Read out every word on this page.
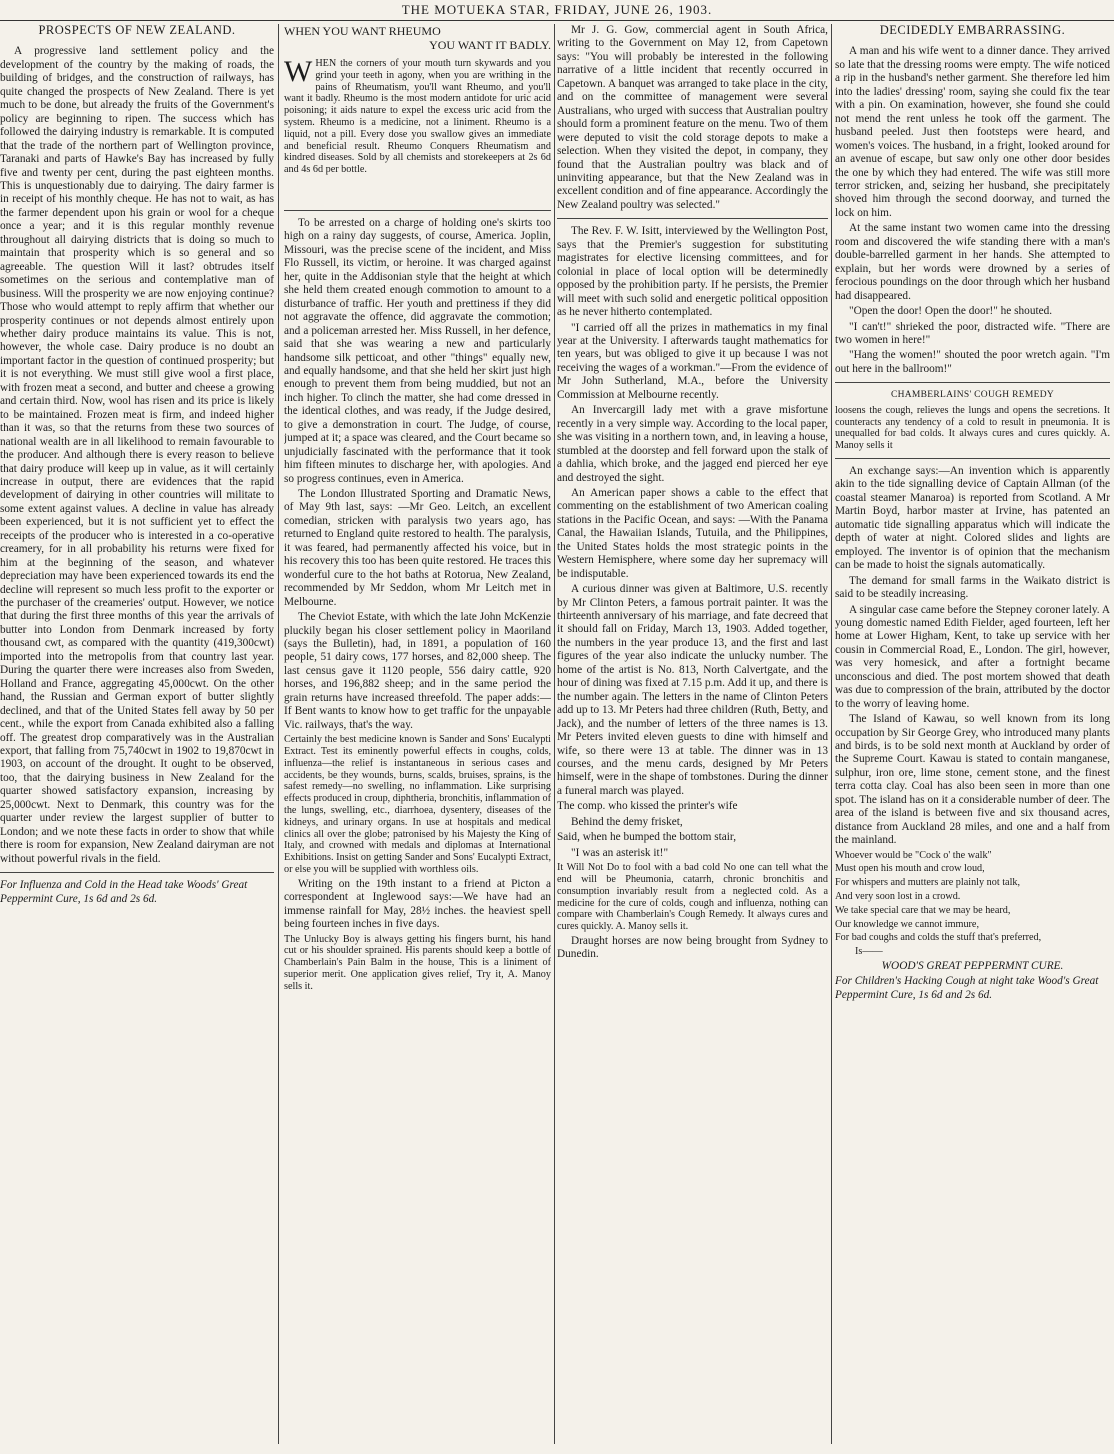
THE MOTUEKA STAR, FRIDAY, JUNE 26, 1903.
PROSPECTS OF NEW ZEALAND.

A progressive land settlement policy and the development of the country by the making of roads, the building of bridges, and the construction of railways, has quite changed the prospects of New Zealand. There is yet much to be done, but already the fruits of the Government's policy are beginning to ripen. The success which has followed the dairying industry is remarkable. It is computed that the trade of the northern part of Wellington province, Taranaki and parts of Hawke's Bay has increased by fully five and twenty per cent, during the past eighteen months. This is unquestionably due to dairying. The dairy farmer is in receipt of his monthly cheque. He has not to wait, as has the farmer dependent upon his grain or wool for a cheque once a year; and it is this regular monthly revenue throughout all dairying districts that is doing so much to maintain that prosperity which is so general and so agreeable. The question Will it last? obtrudes itself sometimes on the serious and contemplative man of business. Will the prosperity we are now enjoying continue? Those who would attempt to reply affirm that whether our prosperity continues or not depends almost entirely upon whether dairy produce maintains its value. This is not, however, the whole case. Dairy produce is no doubt an important factor in the question of continued prosperity; but it is not everything. We must still give wool a first place, with frozen meat a second, and butter and cheese a growing and certain third. Now, wool has risen and its price is likely to be maintained. Frozen meat is firm, and indeed higher than it was, so that the returns from these two sources of national wealth are in all likelihood to remain favourable to the producer. And although there is every reason to believe that dairy produce will keep up in value, as it will certainly increase in output, there are evidences that the rapid development of dairying in other countries will militate to some extent against values. A decline in value has already been experienced, but it is not sufficient yet to effect the receipts of the producer who is interested in a co-operative creamery, for in all probability his returns were fixed for him at the beginning of the season, and whatever depreciation may have been experienced towards its end the decline will represent so much less profit to the exporter or the purchaser of the creameries' output. However, we notice that during the first three months of this year the arrivals of butter into London from Denmark increased by forty thousand cwt, as compared with the quantity (419,300cwt) imported into the metropolis from that country last year. During the quarter there were increases also from Sweden, Holland and France, aggregating 45,000cwt. On the other hand, the Russian and German export of butter slightly declined, and that of the United States fell away by 50 per cent., while the export from Canada exhibited also a falling off. The greatest drop comparatively was in the Australian export, that falling from 75,740cwt in 1902 to 19,870cwt in 1903, on account of the drought. It ought to be observed, too, that the dairying business in New Zealand for the quarter showed satisfactory expansion, increasing by 25,000cwt. Next to Denmark, this country was for the quarter under review the largest supplier of butter to London; and we note these facts in order to show that while there is room for expansion, New Zealand dairyman are not without powerful rivals in the field.

For Influenza and Cold in the Head take Woods' Great Peppermint Cure, 1s 6d and 2s 6d.

WHEN YOU WANT RHEUMO
YOU WANT IT BADLY.

WHEN the corners of your mouth turn skywards and you grind your teeth in agony, when you are writhing in the pains of Rheumatism, you'll want Rheumo, and you'll want it badly. Rheumo is the most modern antidote for uric acid poisoning; it aids nature to expel the excess uric acid from the system. Rheumo is a medicine, not a liniment. Rheumo is a liquid, not a pill. Every dose you swallow gives an immediate and beneficial result. Rheumo Conquers Rheumatism and kindred diseases. Sold by all chemists and storekeepers at 2s 6d and 4s 6d per bottle.

To be arrested on a charge of holding one's skirts too high on a rainy day suggests, of course, America. Joplin, Missouri, was the precise scene of the incident, and Miss Flo Russell, its victim, or heroine. It was charged against her, quite in the Addisonian style that the height at which she held them created enough commotion to amount to a disturbance of traffic. Her youth and prettiness if they did not aggravate the offence, did aggravate the commotion; and a policeman arrested her. Miss Russell, in her defence, said that she was wearing a new and particularly handsome silk petticoat, and other "things" equally new, and equally handsome, and that she held her skirt just high enough to prevent them from being muddied, but not an inch higher. To clinch the matter, she had come dressed in the identical clothes, and was ready, if the Judge desired, to give a demonstration in court. The Judge, of course, jumped at it; a space was cleared, and the Court became so unjudicially fascinated with the performance that it took him fifteen minutes to discharge her, with apologies. And so progress continues, even in America.

The London Illustrated Sporting and Dramatic News, of May 9th last, says: —Mr Geo. Leitch, an excellent comedian, stricken with paralysis two years ago, has returned to England quite restored to health. The paralysis, it was feared, had permanently affected his voice, but in his recovery this too has been quite restored. He traces this wonderful cure to the hot baths at Rotorua, New Zealand, recommended by Mr Seddon, whom Mr Leitch met in Melbourne.

The Cheviot Estate, with which the late John McKenzie pluckily began his closer settlement policy in Maoriland (says the Bulletin), had, in 1891, a population of 160 people, 51 dairy cows, 177 horses, and 82,000 sheep. The last census gave it 1120 people, 556 dairy cattle, 920 horses, and 196,882 sheep; and in the same period the grain returns have increased threefold. The paper adds:—If Bent wants to know how to get traffic for the unpayable Vic. railways, that's the way.

Certainly the best medicine known is Sander and Sons' Eucalypti Extract. Test its eminently powerful effects in coughs, colds, influenza—the relief is instantaneous in serious cases and accidents, be they wounds, burns, scalds, bruises, sprains, is the safest remedy—no swelling, no inflammation. Like surprising effects produced in croup, diphtheria, bronchitis, inflammation of the lungs, swelling, etc., diarrhoea, dysentery, diseases of the kidneys, and urinary organs. In use at hospitals and medical clinics all over the globe; patronised by his Majesty the King of Italy, and crowned with medals and diplomas at International Exhibitions. Insist on getting Sander and Sons' Eucalypti Extract, or else you will be supplied with worthless oils.

Writing on the 19th instant to a friend at Picton a correspondent at Inglewood says:—We have had an immense rainfall for May, 28½ inches. the heaviest spell being fourteen inches in five days.

The Unlucky Boy is always getting his fingers burnt, his hand cut or his shoulder sprained. His parents should keep a bottle of Chamberlain's Pain Balm in the house, This is a liniment of superior merit. One application gives relief, Try it, A. Manoy sells it.

Mr J. G. Gow, commercial agent in South Africa, writing to the Government on May 12, from Capetown says: "You will probably be interested in the following narrative of a little incident that recently occurred in Capetown. A banquet was arranged to take place in the city, and on the committee of management were several Australians, who urged with success that Australian poultry should form a prominent feature on the menu. Two of them were deputed to visit the cold storage depots to make a selection. When they visited the depot, in company, they found that the Australian poultry was black and of uninviting appearance, but that the New Zealand was in excellent condition and of fine appearance. Accordingly the New Zealand poultry was selected."

The Rev. F. W. Isitt, interviewed by the Wellington Post, says that the Premier's suggestion for substituting magistrates for elective licensing committees, and for colonial in place of local option will be determinedly opposed by the prohibition party. If he persists, the Premier will meet with such solid and energetic political opposition as he never hitherto contemplated.

"I carried off all the prizes in mathematics in my final year at the University. I afterwards taught mathematics for ten years, but was obliged to give it up because I was not receiving the wages of a workman."—From the evidence of Mr John Sutherland, M.A., before the University Commission at Melbourne recently.

An Invercargill lady met with a grave misfortune recently in a very simple way. According to the local paper, she was visiting in a northern town, and, in leaving a house, stumbled at the doorstep and fell forward upon the stalk of a dahlia, which broke, and the jagged end pierced her eye and destroyed the sight.

An American paper shows a cable to the effect that commenting on the establishment of two American coaling stations in the Pacific Ocean, and says: —With the Panama Canal, the Hawaiian Islands, Tutuila, and the Philippines, the United States holds the most strategic points in the Western Hemisphere, where some day her supremacy will be indisputable.

A curious dinner was given at Baltimore, U.S. recently by Mr Clinton Peters, a famous portrait painter. It was the thirteenth anniversary of his marriage, and fate decreed that it should fall on Friday, March 13, 1903. Added together, the numbers in the year produce 13, and the first and last figures of the year also indicate the unlucky number. The home of the artist is No. 813, North Calvertgate, and the hour of dining was fixed at 7.15 p.m. Add it up, and there is the number again. The letters in the name of Clinton Peters add up to 13. Mr Peters had three children (Ruth, Betty, and Jack), and the number of letters of the three names is 13. Mr Peters invited eleven guests to dine with himself and wife, so there were 13 at table. The dinner was in 13 courses, and the menu cards, designed by Mr Peters himself, were in the shape of tombstones. During the dinner a funeral march was played.

The comp. who kissed the printer's wife

Behind the demy frisket,

Said, when he bumped the bottom stair,

"I was an asterisk it!"

It Will Not Do to fool with a bad cold No one can tell what the end will be Pheumonia, catarrh, chronic bronchitis and consumption invariably result from a neglected cold. As a medicine for the cure of colds, cough and influenza, nothing can compare with Chamberlain's Cough Remedy. It always cures and cures quickly. A. Manoy sells it.

Draught horses are now being brought from Sydney to Dunedin.

DECIDEDLY EMBARRASSING.

A man and his wife went to a dinner dance. They arrived so late that the dressing rooms were empty. The wife noticed a rip in the husband's nether garment. She therefore led him into the ladies' dressing' room, saying she could fix the tear with a pin. On examination, however, she found she could not mend the rent unless he took off the garment. The husband peeled. Just then footsteps were heard, and women's voices. The husband, in a fright, looked around for an avenue of escape, but saw only one other door besides the one by which they had entered. The wife was still more terror stricken, and, seizing her husband, she precipitately shoved him through the second doorway, and turned the lock on him.

At the same instant two women came into the dressing room and discovered the wife standing there with a man's double-barrelled garment in her hands. She attempted to explain, but her words were drowned by a series of ferocious poundings on the door through which her husband had disappeared.

"Open the door! Open the door!" he shouted.

"I can't!" shrieked the poor, distracted wife. "There are two women in here!"

"Hang the women!" shouted the poor wretch again. "I'm out here in the ballroom!"

CHAMBERLAINS' COUGH REMEDY

loosens the cough, relieves the lungs and opens the secretions. It counteracts any tendency of a cold to result in pneumonia. It is unequalled for bad colds. It always cures and cures quickly. A. Manoy sells it

An exchange says:—An invention which is apparently akin to the tide signalling device of Captain Allman (of the coastal steamer Manaroa) is reported from Scotland. A Mr Martin Boyd, harbor master at Irvine, has patented an automatic tide signalling apparatus which will indicate the depth of water at night. Colored slides and lights are employed. The inventor is of opinion that the mechanism can be made to hoist the signals automatically.

The demand for small farms in the Waikato district is said to be steadily increasing.

A singular case came before the Stepney coroner lately. A young domestic named Edith Fielder, aged fourteen, left her home at Lower Higham, Kent, to take up service with her cousin in Commercial Road, E., London. The girl, however, was very homesick, and after a fortnight became unconscious and died. The post mortem showed that death was due to compression of the brain, attributed by the doctor to the worry of leaving home.

The Island of Kawau, so well known from its long occupation by Sir George Grey, who introduced many plants and birds, is to be sold next month at Auckland by order of the Supreme Court. Kawau is stated to contain manganese, sulphur, iron ore, lime stone, cement stone, and the finest terra cotta clay. Coal has also been seen in more than one spot. The island has on it a considerable number of deer. The area of the island is between five and six thousand acres, distance from Auckland 28 miles, and one and a half from the mainland.

Whoever would be "Cock o' the walk"

Must open his mouth and crow loud,

For whispers and mutters are plainly not talk,

And very soon lost in a crowd.

We take special care that we may be heard,

Our knowledge we cannot immure,

For bad coughs and colds the stuff that's preferred,

Is——

WOOD'S GREAT PEPPERMNT CURE.

For Children's Hacking Cough at night take Wood's Great Peppermint Cure, 1s 6d and 2s 6d.
